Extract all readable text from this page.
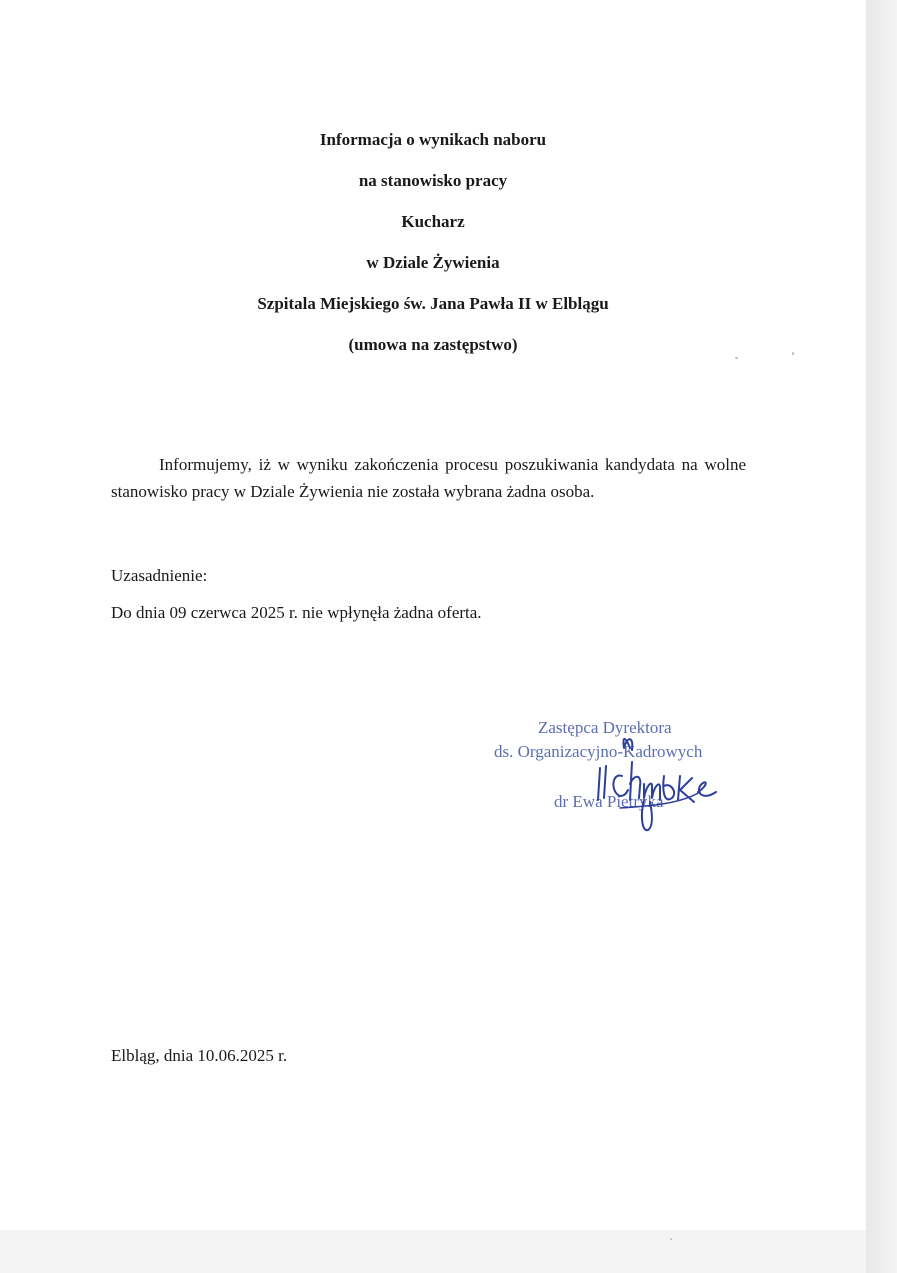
Informacja o wynikach naboru
na stanowisko pracy
Kucharz
w Dziale Żywienia
Szpitala Miejskiego św. Jana Pawła II w Elblągu
(umowa na zastępstwo)
Informujemy, iż w wyniku zakończenia procesu poszukiwania kandydata na wolne stanowisko pracy w Dziale Żywienia nie została wybrana żadna osoba.
Uzasadnienie:
Do dnia 09 czerwca 2025 r. nie wpłynęła żadna oferta.
Zastępca Dyrektora
ds. Organizacyjno-Kadrowych
dr Ewa Pietryka
Elbląg, dnia 10.06.2025 r.
